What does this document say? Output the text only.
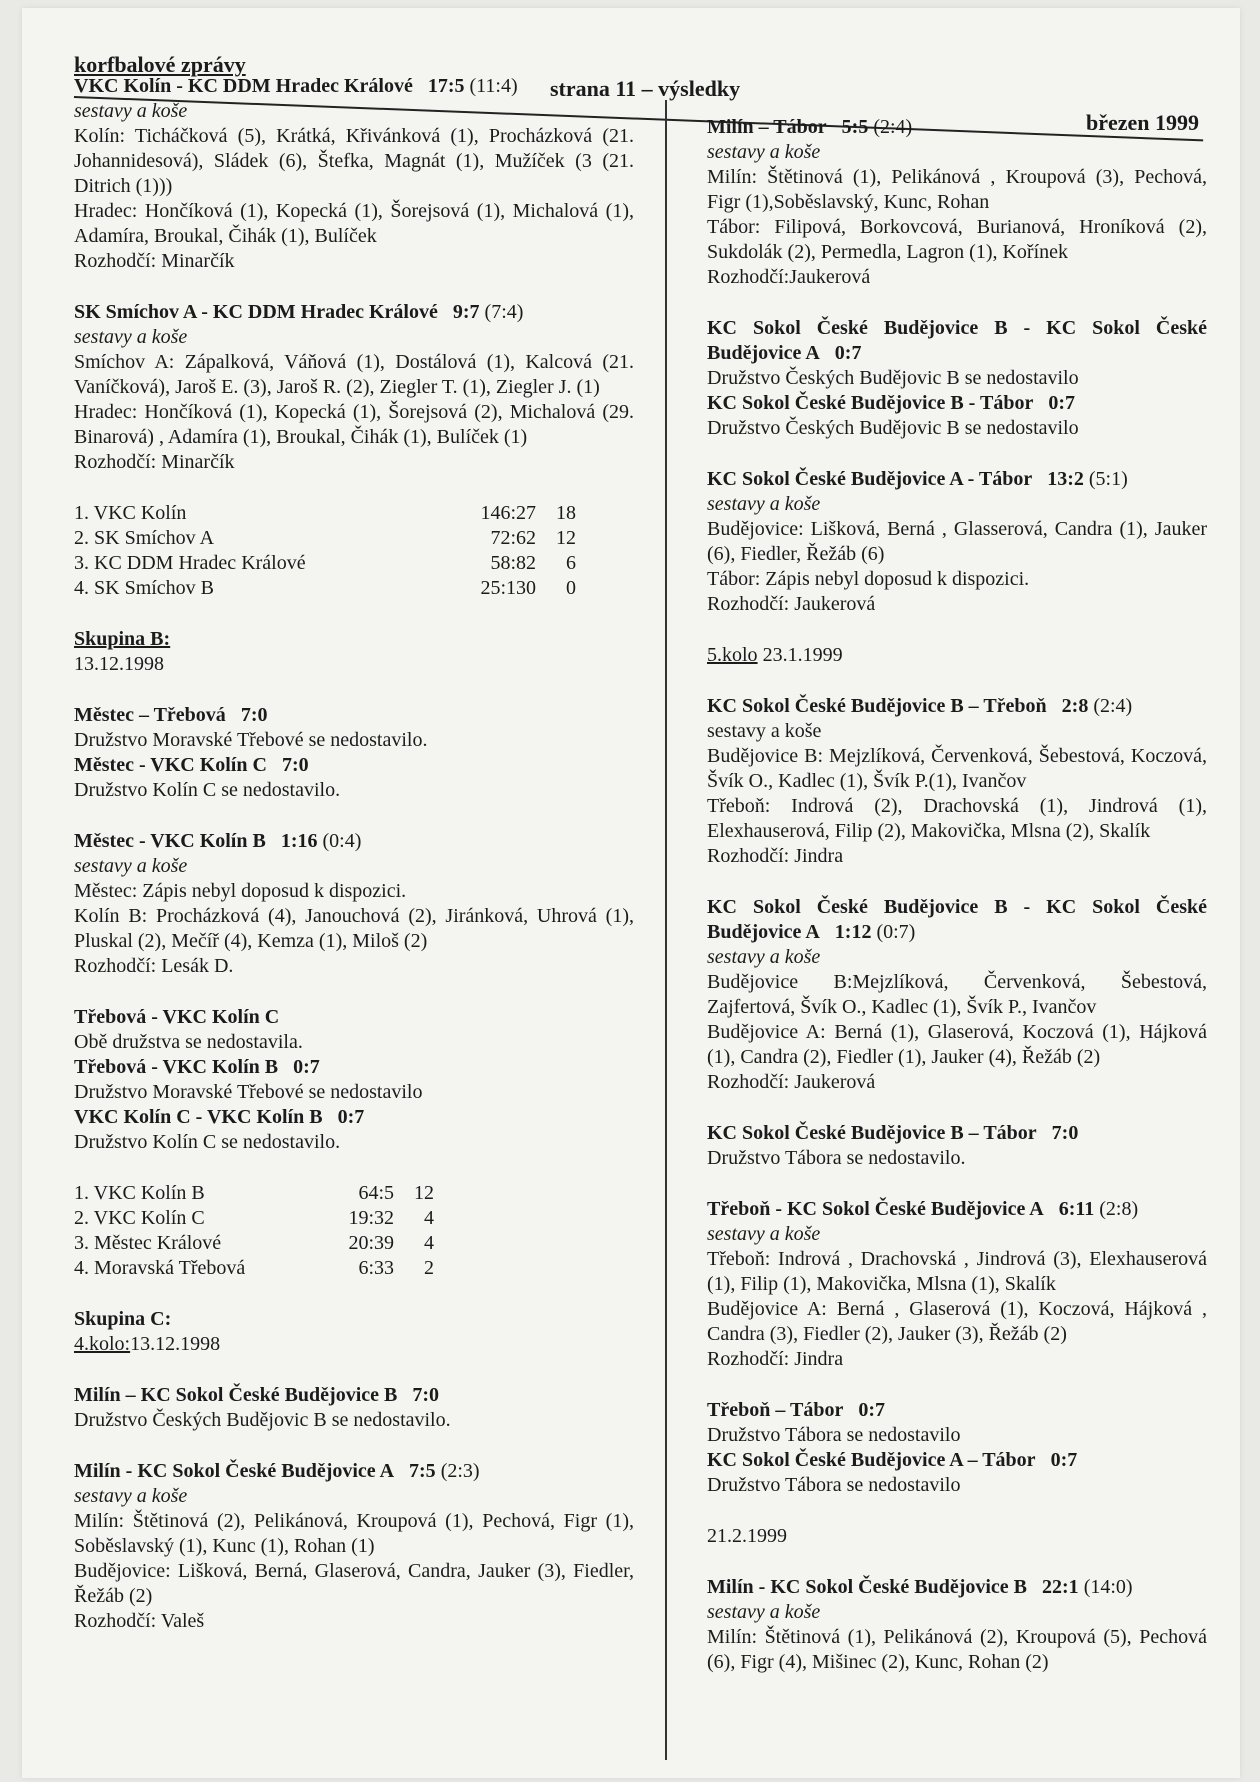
korfbalové zprávy
strana 11 – výsledky
březen 1999
VKC Kolín - KC DDM Hradec Králové 17:5 (11:4)
sestavy a koše
Kolín: Ticháčková (5), Krátká, Křivánková (1), Procházková (21. Johannidesová), Sládek (6), Štefka, Magnát (1), Mužíček (3 (21. Ditrich (1)))
Hradec: Hončíková (1), Kopecká (1), Šorejsová (1), Michalová (1), Adamíra, Broukal, Čihák (1), Bulíček
Rozhodčí: Minarčík
SK Smíchov A - KC DDM Hradec Králové 9:7 (7:4)
sestavy a koše
Smíchov A: Zápalková, Váňová (1), Dostálová (1), Kalcová (21. Vaníčková), Jaroš E. (3), Jaroš R. (2), Ziegler T. (1), Ziegler J. (1)
Hradec: Hončíková (1), Kopecká (1), Šorejsová (2), Michalová (29. Binarová) , Adamíra (1), Broukal, Čihák (1), Bulíček (1)
Rozhodčí: Minarčík
1. VKC Kolín	146:27	18
2. SK Smíchov A	72:62	12
3. KC DDM Hradec Králové	58:82	6
4. SK Smíchov B	25:130	0
Skupina B:
13.12.1998
Městec – Třebová 7:0
Družstvo Moravské Třebové se nedostavilo.
Městec - VKC Kolín C 7:0
Družstvo Kolín C se nedostavilo.
Městec - VKC Kolín B 1:16 (0:4)
sestavy a koše
Městec: Zápis nebyl doposud k dispozici.
Kolín B: Procházková (4), Janouchová (2), Jiránková, Uhrová (1), Pluskal (2), Mečíř (4), Kemza (1), Miloš (2)
Rozhodčí: Lesák D.
Třebová - VKC Kolín C
Obě družstva se nedostavila.
Třebová - VKC Kolín B 0:7
Družstvo Moravské Třebové se nedostavilo
VKC Kolín C - VKC Kolín B 0:7
Družstvo Kolín C se nedostavilo.
1. VKC Kolín B	64:5	12
2. VKC Kolín C	19:32	4
3. Městec Králové	20:39	4
4. Moravská Třebová	6:33	2
Skupina C:
4.kolo:13.12.1998
Milín – KC Sokol České Budějovice B 7:0
Družstvo Českých Budějovic B se nedostavilo.
Milín - KC Sokol České Budějovice A 7:5 (2:3)
sestavy a koše
Milín: Štětinová (2), Pelikánová, Kroupová (1), Pechová, Figr (1), Soběslavský (1), Kunc (1), Rohan (1)
Budějovice: Lišková, Berná, Glaserová, Candra, Jauker (3), Fiedler, Řežáb (2)
Rozhodčí: Valeš
Milín – Tábor 5:5 (2:4)
sestavy a koše
Milín: Štětinová (1), Pelikánová , Kroupová (3), Pechová, Figr (1),Soběslavský, Kunc, Rohan
Tábor: Filipová, Borkovcová, Burianová, Hroníková (2), Sukdolák (2), Permedla, Lagron (1), Kořínek
Rozhodčí:Jaukerová
KC Sokol České Budějovice B - KC Sokol České Budějovice A 0:7
Družstvo Českých Budějovic B se nedostavilo
KC Sokol České Budějovice B - Tábor 0:7
Družstvo Českých Budějovic B se nedostavilo
KC Sokol České Budějovice A - Tábor 13:2 (5:1)
sestavy a koše
Budějovice: Lišková, Berná , Glasserová, Candra (1), Jauker (6), Fiedler, Řežáb (6)
Tábor: Zápis nebyl doposud k dispozici.
Rozhodčí: Jaukerová
5.kolo 23.1.1999
KC Sokol České Budějovice B – Třeboň 2:8 (2:4)
sestavy a koše
Budějovice B: Mejzlíková, Červenková, Šebestová, Koczová, Švík O., Kadlec (1), Švík P.(1), Ivančov
Třeboň: Indrová (2), Drachovská (1), Jindrová (1), Elexhauserová, Filip (2), Makovička, Mlsna (2), Skalík
Rozhodčí: Jindra
KC Sokol České Budějovice B - KC Sokol České Budějovice A 1:12 (0:7)
sestavy a koše
Budějovice B:Mejzlíková, Červenková, Šebestová, Zajfertová, Švík O., Kadlec (1), Švík P., Ivančov
Budějovice A: Berná (1), Glaserová, Koczová (1), Hájková (1), Candra (2), Fiedler (1), Jauker (4), Řežáb (2)
Rozhodčí: Jaukerová
KC Sokol České Budějovice B – Tábor 7:0
Družstvo Tábora se nedostavilo.
Třeboň - KC Sokol České Budějovice A 6:11 (2:8)
sestavy a koše
Třeboň: Indrová , Drachovská , Jindrová (3), Elexhauserová (1), Filip (1), Makovička, Mlsna (1), Skalík
Budějovice A: Berná , Glaserová (1), Koczová, Hájková , Candra (3), Fiedler (2), Jauker (3), Řežáb (2)
Rozhodčí: Jindra
Třeboň – Tábor 0:7
Družstvo Tábora se nedostavilo
KC Sokol České Budějovice A – Tábor 0:7
Družstvo Tábora se nedostavilo
21.2.1999
Milín - KC Sokol České Budějovice B 22:1 (14:0)
sestavy a koše
Milín: Štětinová (1), Pelikánová (2), Kroupová (5), Pechová (6), Figr (4), Mišinec (2), Kunc, Rohan (2)
